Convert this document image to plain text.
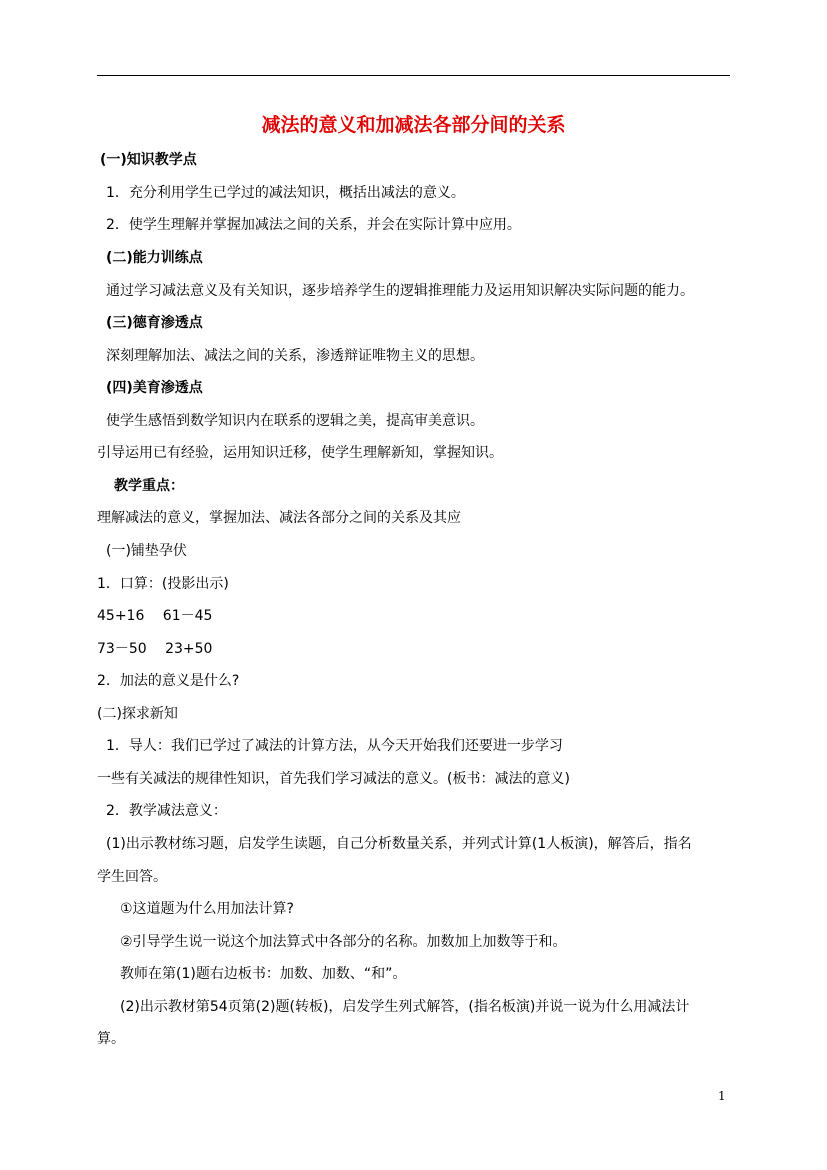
减法的意义和加减法各部分间的关系
(一)知识教学点
1．充分利用学生已学过的减法知识，概括出减法的意义。
2．使学生理解并掌握加减法之间的关系，并会在实际计算中应用。
(二)能力训练点
通过学习减法意义及有关知识，逐步培养学生的逻辑推理能力及运用知识解决实际问题的能力。
(三)德育渗透点
深刻理解加法、减法之间的关系，渗透辩证唯物主义的思想。
(四)美育渗透点
使学生感悟到数学知识内在联系的逻辑之美，提高审美意识。
引导运用已有经验，运用知识迁移，使学生理解新知，掌握知识。
教学重点：
理解减法的意义，掌握加法、减法各部分之间的关系及其应
(一)铺垫孕伏
1．口算：(投影出示)
45+16　 61－45
73－50　 23+50
2．加法的意义是什么?
(二)探求新知
1．导人：我们已学过了减法的计算方法，从今天开始我们还要进一步学习
一些有关减法的规律性知识，首先我们学习减法的意义。(板书：减法的意义)
2．教学减法意义：
(1)出示教材练习题，启发学生读题，自己分析数量关系，并列式计算(1人板演)，解答后，指名
学生回答。
①这道题为什么用加法计算?
②引导学生说一说这个加法算式中各部分的名称。加数加上加数等于和。
教师在第(1)题右边板书：加数、加数、“和”。
(2)出示教材第54页第(2)题(转板)，启发学生列式解答，(指名板演)并说一说为什么用减法计
算。
1
